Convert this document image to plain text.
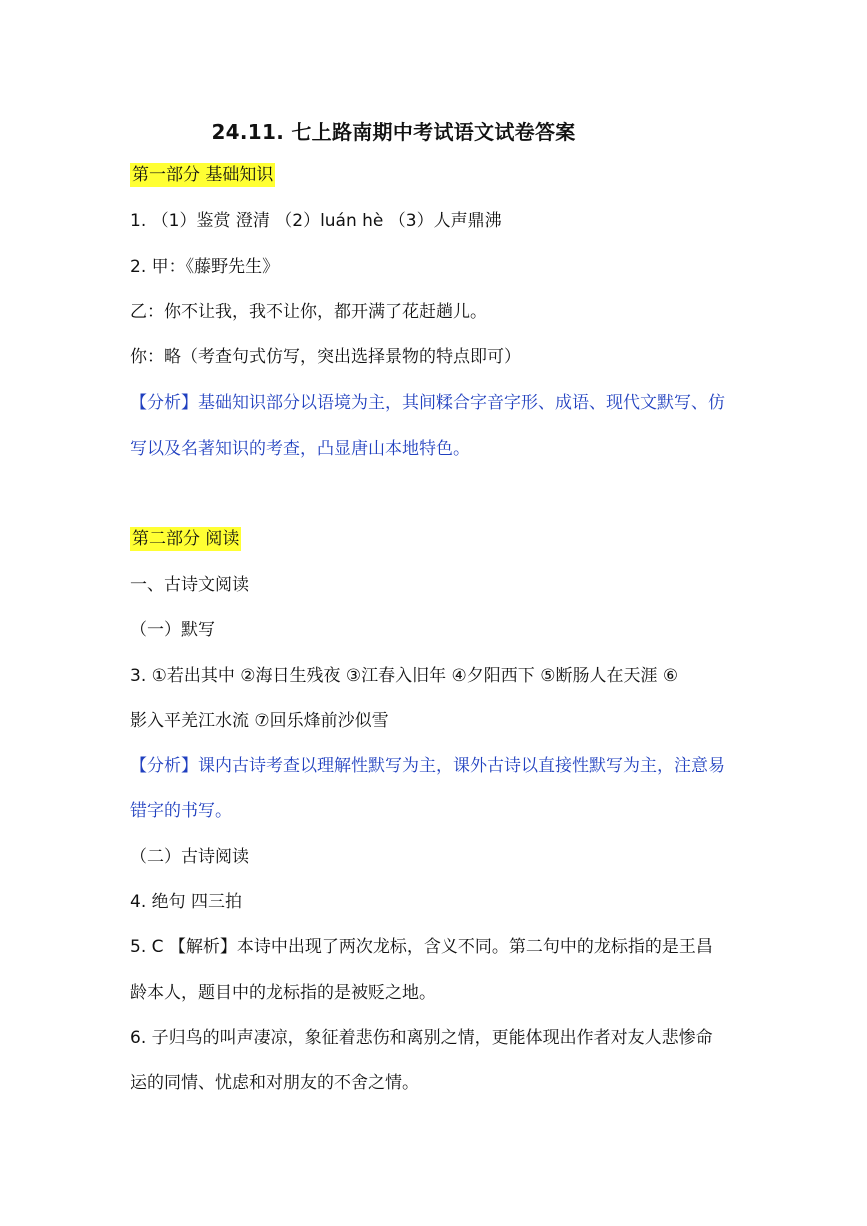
24.11. 七上路南期中考试语文试卷答案
第一部分 基础知识
1. （1）鉴赏 澄清 （2）luán hè （3）人声鼎沸
2. 甲：《藤野先生》
乙：你不让我，我不让你，都开满了花赶趟儿。
你：略（考查句式仿写，突出选择景物的特点即可）
【分析】基础知识部分以语境为主，其间糅合字音字形、成语、现代文默写、仿
写以及名著知识的考查，凸显唐山本地特色。
第二部分 阅读
一、古诗文阅读
（一）默写
3. ①若出其中 ②海日生残夜 ③江春入旧年 ④夕阳西下 ⑤断肠人在天涯 ⑥
影入平羌江水流 ⑦回乐烽前沙似雪
【分析】课内古诗考查以理解性默写为主，课外古诗以直接性默写为主，注意易
错字的书写。
（二）古诗阅读
4. 绝句 四三拍
5. C 【解析】本诗中出现了两次龙标，含义不同。第二句中的龙标指的是王昌
龄本人，题目中的龙标指的是被贬之地。
6. 子归鸟的叫声凄凉，象征着悲伤和离别之情，更能体现出作者对友人悲惨命
运的同情、忧虑和对朋友的不舍之情。
